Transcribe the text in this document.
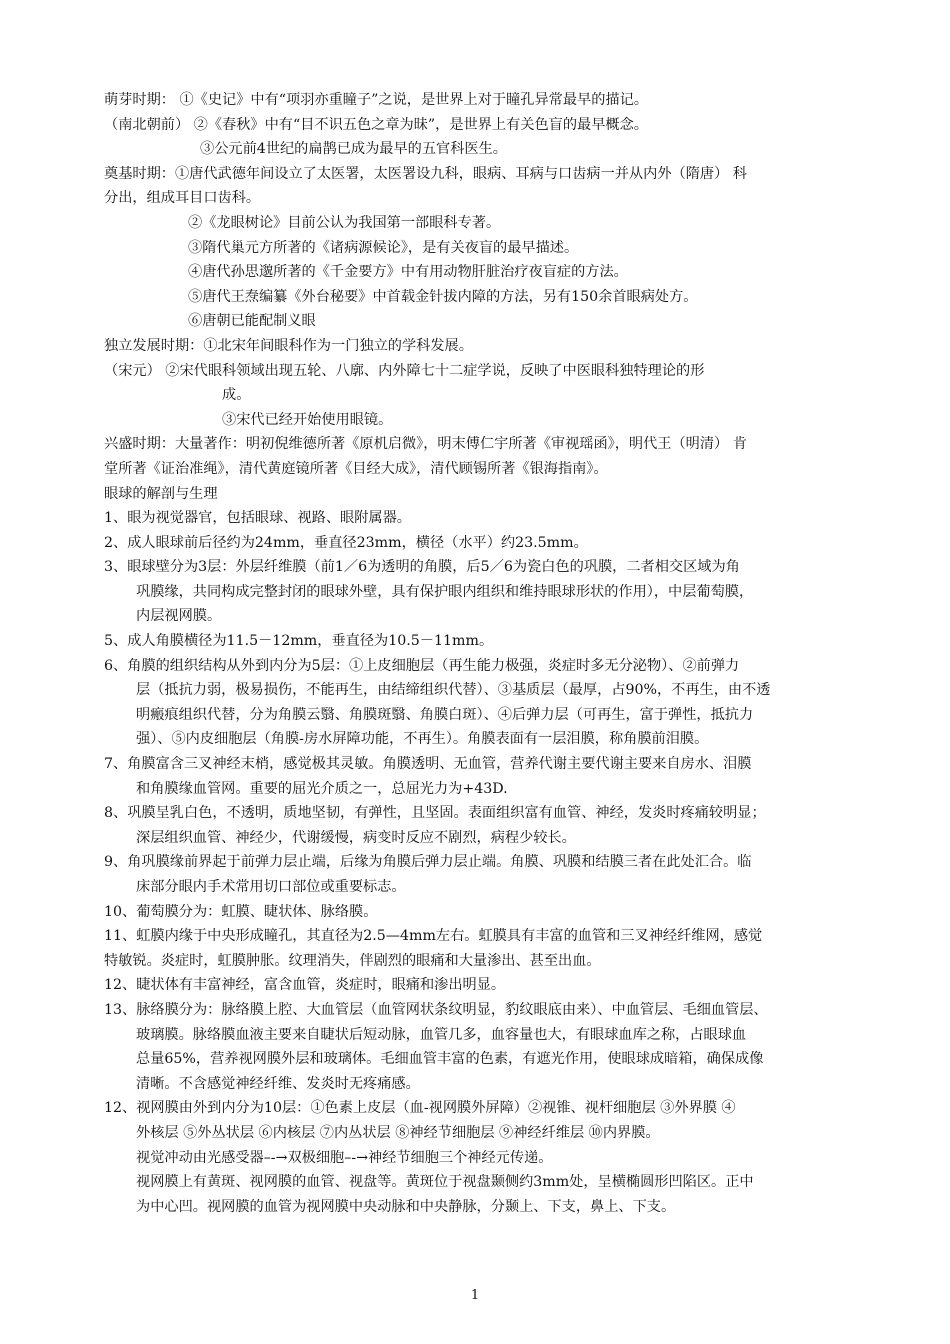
萌芽时期： ①《史记》中有“项羽亦重瞳子”之说，是世界上对于瞳孔异常最早的描记。
（南北朝前） ②《春秋》中有“目不识五色之章为昧”，是世界上有关色盲的最早概念。
③公元前4世纪的扁鹊已成为最早的五官科医生。
奠基时期：①唐代武德年间设立了太医署，太医署设九科，眼病、耳病与口齿病一并从内外（隋唐） 科
分出，组成耳目口齿科。
②《龙眼树论》目前公认为我国第一部眼科专著。
③隋代巢元方所著的《诸病源候论》，是有关夜盲的最早描述。
④唐代孙思邈所著的《千金要方》中有用动物肝脏治疗夜盲症的方法。
⑤唐代王焘编纂《外台秘要》中首载金针拔内障的方法，另有150余首眼病处方。
⑥唐朝已能配制义眼
独立发展时期：①北宋年间眼科作为一门独立的学科发展。
（宋元） ②宋代眼科领域出现五轮、八廓、内外障七十二症学说，反映了中医眼科独特理论的形
成。
③宋代已经开始使用眼镜。
兴盛时期：大量著作：明初倪维德所著《原机启微》，明末傅仁宇所著《审视瑶函》，明代王（明清） 肯
堂所著《证治准绳》，清代黄庭镜所著《目经大成》，清代顾锡所著《银海指南》。
眼球的解剖与生理
1、眼为视觉器官，包括眼球、视路、眼附属器。
2、成人眼球前后径约为24mm，垂直径23mm，横径（水平）约23.5mm。
3、眼球壁分为3层：外层纤维膜（前1／6为透明的角膜，后5／6为瓷白色的巩膜，二者相交区域为角
巩膜缘，共同构成完整封闭的眼球外壁，具有保护眼内组织和维持眼球形状的作用），中层葡萄膜，
内层视网膜。
5、成人角膜横径为11.5－12mm，垂直径为10.5－11mm。
6、角膜的组织结构从外到内分为5层：①上皮细胞层（再生能力极强，炎症时多无分泌物）、②前弹力
层（抵抗力弱，极易损伤，不能再生，由结缔组织代替）、③基质层（最厚，占90%，不再生，由不透
明瘢痕组织代替，分为角膜云翳、角膜斑翳、角膜白斑）、④后弹力层（可再生，富于弹性，抵抗力
强）、⑤内皮细胞层（角膜-房水屏障功能，不再生）。角膜表面有一层泪膜，称角膜前泪膜。
7、角膜富含三叉神经末梢，感觉极其灵敏。角膜透明、无血管，营养代谢主要代谢主要来自房水、泪膜
和角膜缘血管网。重要的屈光介质之一，总屈光力为+43D.
8、巩膜呈乳白色，不透明，质地坚韧，有弹性，且坚固。表面组织富有血管、神经，发炎时疼痛较明显；
深层组织血管、神经少，代谢缓慢，病变时反应不剧烈，病程少较长。
9、角巩膜缘前界起于前弹力层止端，后缘为角膜后弹力层止端。角膜、巩膜和结膜三者在此处汇合。临
床部分眼内手术常用切口部位或重要标志。
10、葡萄膜分为：虹膜、睫状体、脉络膜。
11、虹膜内缘于中央形成瞳孔，其直径为2.5—4mm左右。虹膜具有丰富的血管和三叉神经纤维网，感觉
特敏锐。炎症时，虹膜肿胀。纹理消失，伴剧烈的眼痛和大量渗出、甚至出血。
12、睫状体有丰富神经，富含血管，炎症时，眼痛和渗出明显。
13、脉络膜分为：脉络膜上腔、大血管层（血管网状条纹明显，豹纹眼底由来）、中血管层、毛细血管层、
玻璃膜。脉络膜血液主要来自睫状后短动脉，血管几多，血容量也大，有眼球血库之称，占眼球血
总量65%，营养视网膜外层和玻璃体。毛细血管丰富的色素，有遮光作用，使眼球成暗箱，确保成像
清晰。不含感觉神经纤维、发炎时无疼痛感。
12、视网膜由外到内分为10层：①色素上皮层（血-视网膜外屏障）②视锥、视杆细胞层 ③外界膜 ④
外核层 ⑤外丛状层 ⑥内核层 ⑦内丛状层 ⑧神经节细胞层 ⑨神经纤维层 ⑩内界膜。
视觉冲动由光感受器–-→双极细胞–-→神经节细胞三个神经元传递。
视网膜上有黄斑、视网膜的血管、视盘等。黄斑位于视盘颞侧约3mm处，呈横椭圆形凹陷区。正中
为中心凹。视网膜的血管为视网膜中央动脉和中央静脉，分颞上、下支，鼻上、下支。
1
